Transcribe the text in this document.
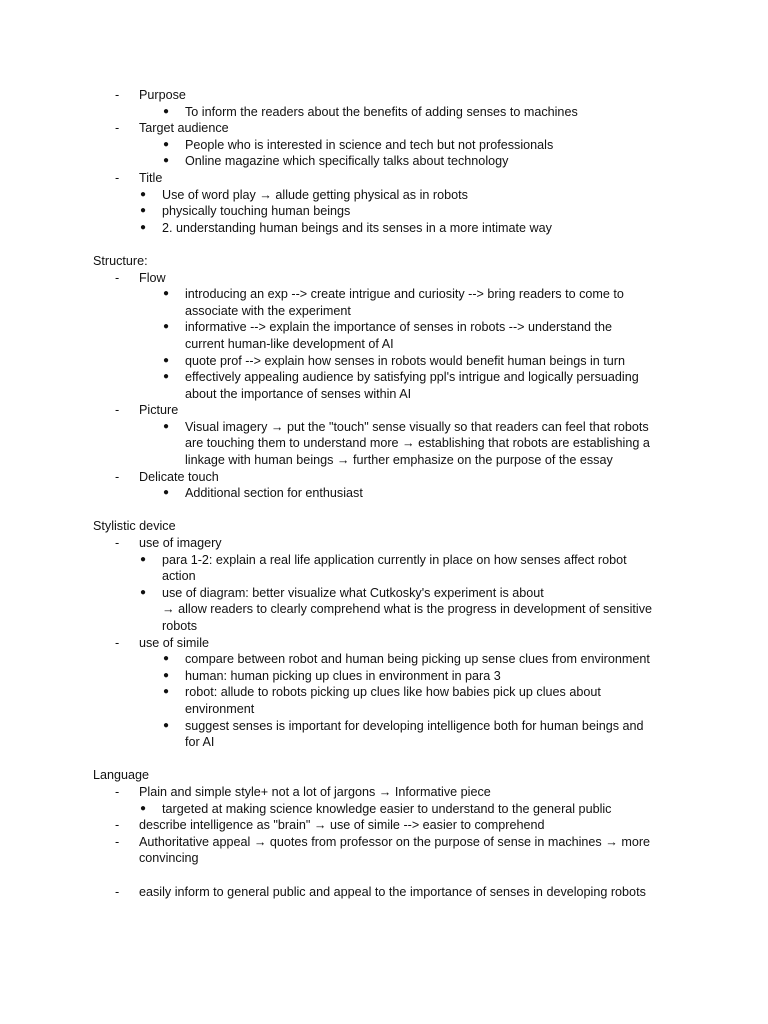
- Purpose
● To inform the readers about the benefits of adding senses to machines
- Target audience
● People who is interested in science and tech but not professionals
● Online magazine which specifically talks about technology
- Title
● Use of word play → allude getting physical as in robots
● physically touching human beings
● 2. understanding human beings and its senses in a more intimate way
Structure:
- Flow
● introducing an exp --> create intrigue and curiosity --> bring readers to come to
associate with the experiment
● informative --> explain the importance of senses in robots --> understand the
current human-like development of AI
● quote prof --> explain how senses in robots would benefit human beings in turn
● effectively appealing audience by satisfying ppl's intrigue and logically persuading
about the importance of senses within AI
- Picture
● Visual imagery → put the "touch" sense visually so that readers can feel that robots
are touching them to understand more → establishing that robots are establishing a
linkage with human beings → further emphasize on the purpose of the essay
- Delicate touch
● Additional section for enthusiast
Stylistic device
- use of imagery
● para 1-2: explain a real life application currently in place on how senses affect robot
action
● use of diagram: better visualize what Cutkosky's experiment is about
→ allow readers to clearly comprehend what is the progress in development of sensitive
robots
- use of simile
● compare between robot and human being picking up sense clues from environment
● human: human picking up clues in environment in para 3
● robot: allude to robots picking up clues like how babies pick up clues about
environment
● suggest senses is important for developing intelligence both for human beings and
for AI
Language
- Plain and simple style+ not a lot of jargons → Informative piece
● targeted at making science knowledge easier to understand to the general public
- describe intelligence as "brain" → use of simile --> easier to comprehend
- Authoritative appeal → quotes from professor on the purpose of sense in machines → more
convincing
- easily inform to general public and appeal to the importance of senses in developing robots
